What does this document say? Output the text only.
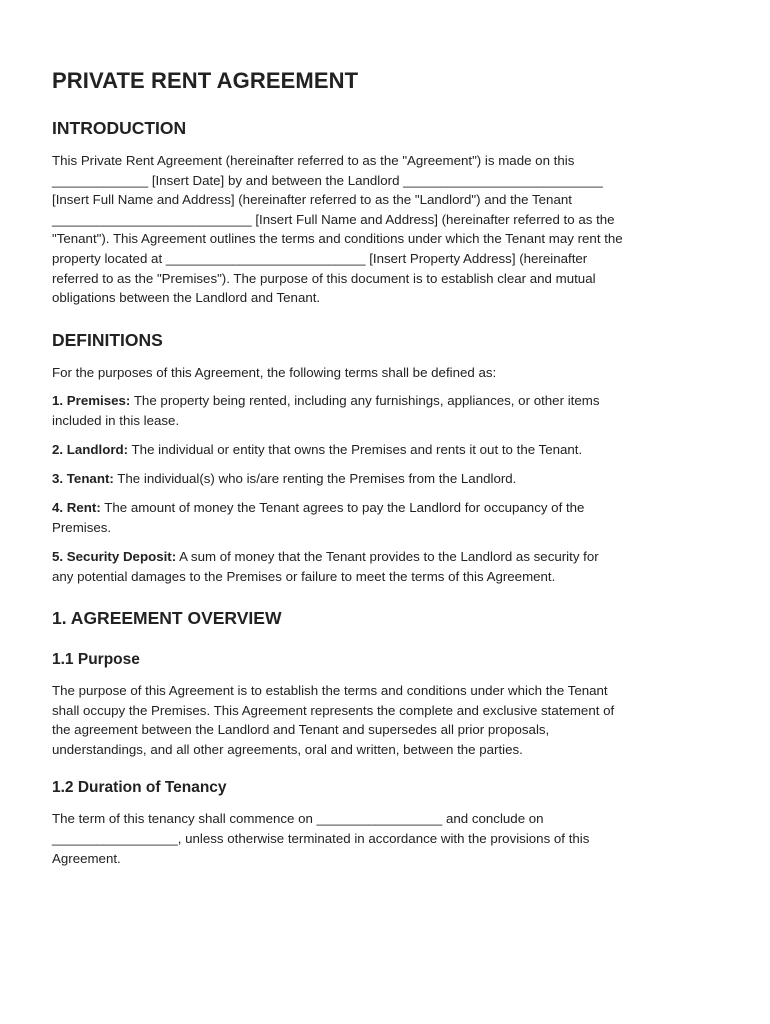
PRIVATE RENT AGREEMENT
INTRODUCTION

This Private Rent Agreement (hereinafter referred to as the "Agreement") is made on this
_____________ [Insert Date] by and between the Landlord ___________________________
[Insert Full Name and Address] (hereinafter referred to as the "Landlord") and the Tenant
___________________________ [Insert Full Name and Address] (hereinafter referred to as the
"Tenant"). This Agreement outlines the terms and conditions under which the Tenant may rent the
property located at ___________________________ [Insert Property Address] (hereinafter
referred to as the "Premises"). The purpose of this document is to establish clear and mutual
obligations between the Landlord and Tenant.

DEFINITIONS

For the purposes of this Agreement, the following terms shall be defined as:

1. Premises: The property being rented, including any furnishings, appliances, or other items
included in this lease.

2. Landlord: The individual or entity that owns the Premises and rents it out to the Tenant.

3. Tenant: The individual(s) who is/are renting the Premises from the Landlord.

4. Rent: The amount of money the Tenant agrees to pay the Landlord for occupancy of the
Premises.

5. Security Deposit: A sum of money that the Tenant provides to the Landlord as security for
any potential damages to the Premises or failure to meet the terms of this Agreement.

1. AGREEMENT OVERVIEW
1.1 Purpose

The purpose of this Agreement is to establish the terms and conditions under which the Tenant
shall occupy the Premises. This Agreement represents the complete and exclusive statement of
the agreement between the Landlord and Tenant and supersedes all prior proposals,
understandings, and all other agreements, oral and written, between the parties.

1.2 Duration of Tenancy

The term of this tenancy shall commence on _________________ and conclude on
_________________, unless otherwise terminated in accordance with the provisions of this
Agreement.
